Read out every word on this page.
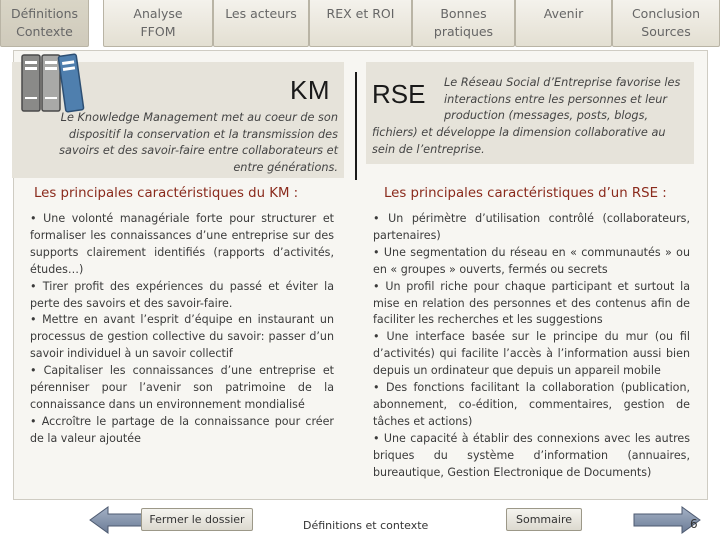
Définitions
Contexte
Analyse
FFOM
Les acteurs	REX et ROI	Bonnes
pratiques
Avenir	Conclusion
Sources
KM
Le Knowledge Management met au coeur de son dispositif la conservation et la transmission des savoirs et des savoir-faire entre collaborateurs et entre générations.
RSE Le Réseau Social d’Entreprise favorise les interactions entre les personnes et leur production (messages, posts, blogs,
fichiers) et développe la dimension collaborative au sein de l’entreprise.
Les principales caractéristiques du KM :	Les principales caractéristiques d’un RSE :

• Une volonté managériale forte pour structurer et formaliser les connaissances d’une entreprise sur des supports clairement identifiés (rapports d’activités, études…)

• Tirer profit des expériences du passé et éviter la perte des savoirs et des savoir-faire.

• Mettre en avant l’esprit d’équipe en instaurant un processus de gestion collective du savoir: passer d’un savoir individuel à un savoir collectif

• Capitaliser les connaissances d’une entreprise et pérenniser pour l’avenir son patrimoine de la connaissance dans un environnement mondialisé

• Accroître le partage de la connaissance pour créer de la valeur ajoutée

• Un périmètre d’utilisation contrôlé (collaborateurs, partenaires)

• Une segmentation du réseau en « communautés » ou en « groupes » ouverts, fermés ou secrets

• Un profil riche pour chaque participant et surtout la mise en relation des personnes et des contenus afin de faciliter les recherches et les suggestions

• Une interface basée sur le principe du mur (ou fil d’activités) qui facilite l’accès à l’information aussi bien depuis un ordinateur que depuis un appareil mobile

• Des fonctions facilitant la collaboration (publication, abonnement, co-édition, commentaires, gestion de tâches et actions)

• Une capacité à établir des connexions avec les autres briques du système d’information (annuaires, bureautique, Gestion Electronique de Documents)

Fermer le dossier	Définitions et contexte	Sommaire	6
